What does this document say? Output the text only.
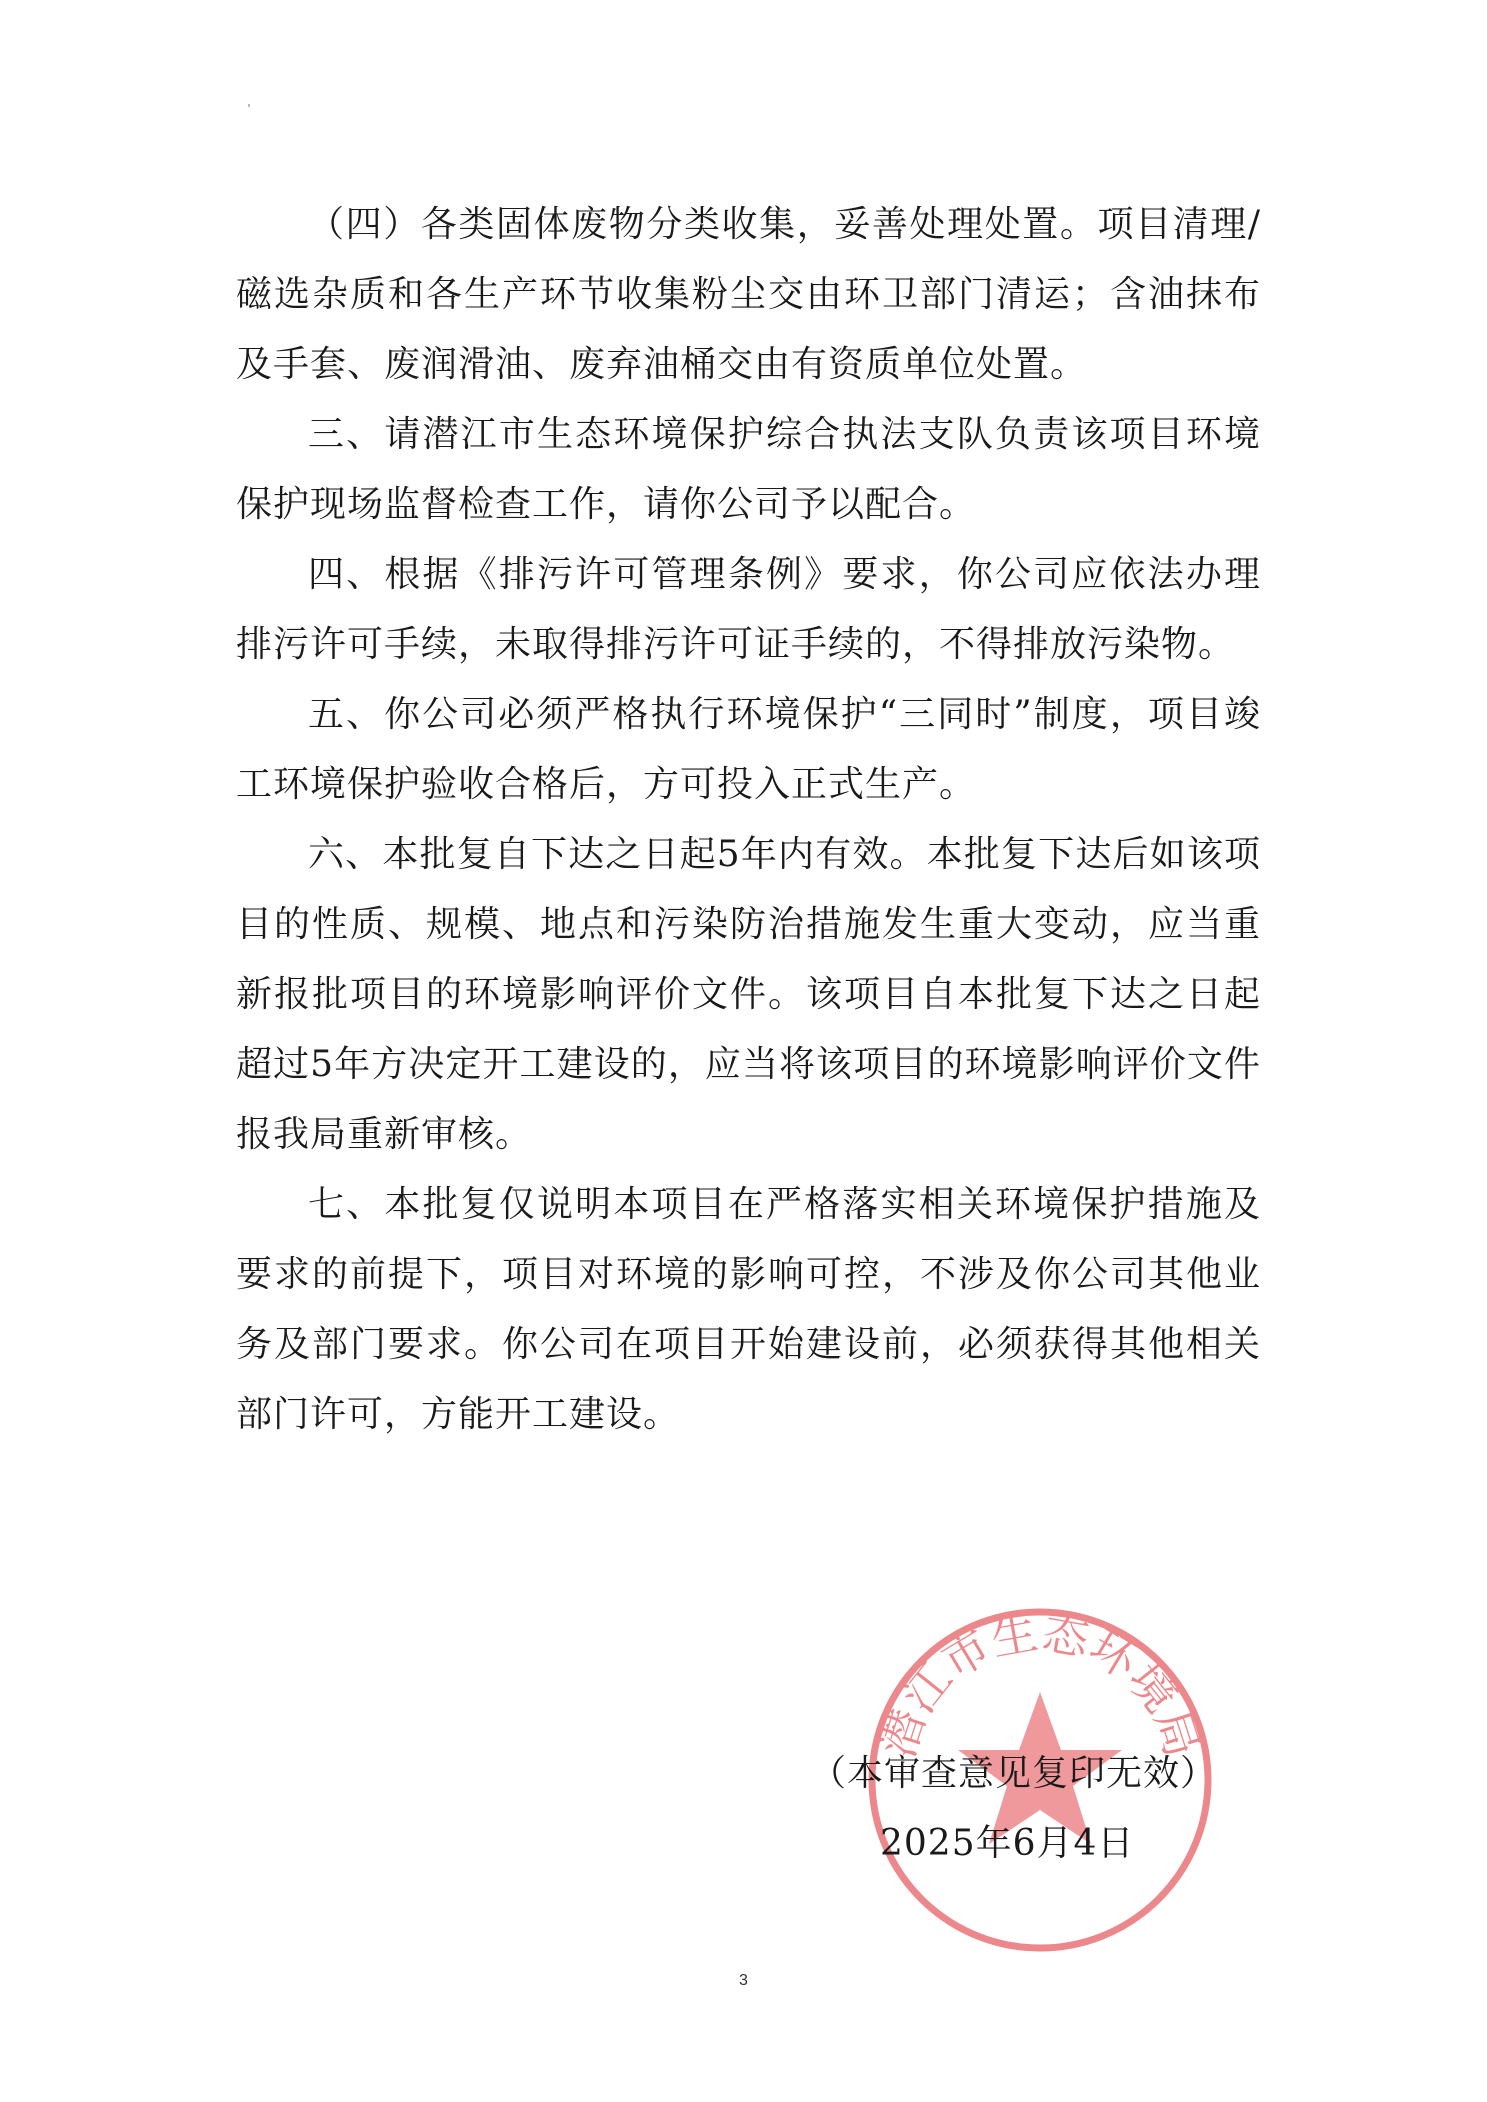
（四）各类固体废物分类收集，妥善处理处置。项目清理/磁选杂质和各生产环节收集粉尘交由环卫部门清运；含油抹布及手套、废润滑油、废弃油桶交由有资质单位处置。

三、请潜江市生态环境保护综合执法支队负责该项目环境保护现场监督检查工作，请你公司予以配合。

四、根据《排污许可管理条例》要求，你公司应依法办理排污许可手续，未取得排污许可证手续的，不得排放污染物。

五、你公司必须严格执行环境保护“三同时”制度，项目竣工环境保护验收合格后，方可投入正式生产。

六、本批复自下达之日起5年内有效。本批复下达后如该项目的性质、规模、地点和污染防治措施发生重大变动，应当重新报批项目的环境影响评价文件。该项目自本批复下达之日起超过5年方决定开工建设的，应当将该项目的环境影响评价文件报我局重新审核。

七、本批复仅说明本项目在严格落实相关环境保护措施及要求的前提下，项目对环境的影响可控，不涉及你公司其他业务及部门要求。你公司在项目开始建设前，必须获得其他相关部门许可，方能开工建设。

潜江市生态环境局
（本审查意见复印无效）
2025年6月4日
3
